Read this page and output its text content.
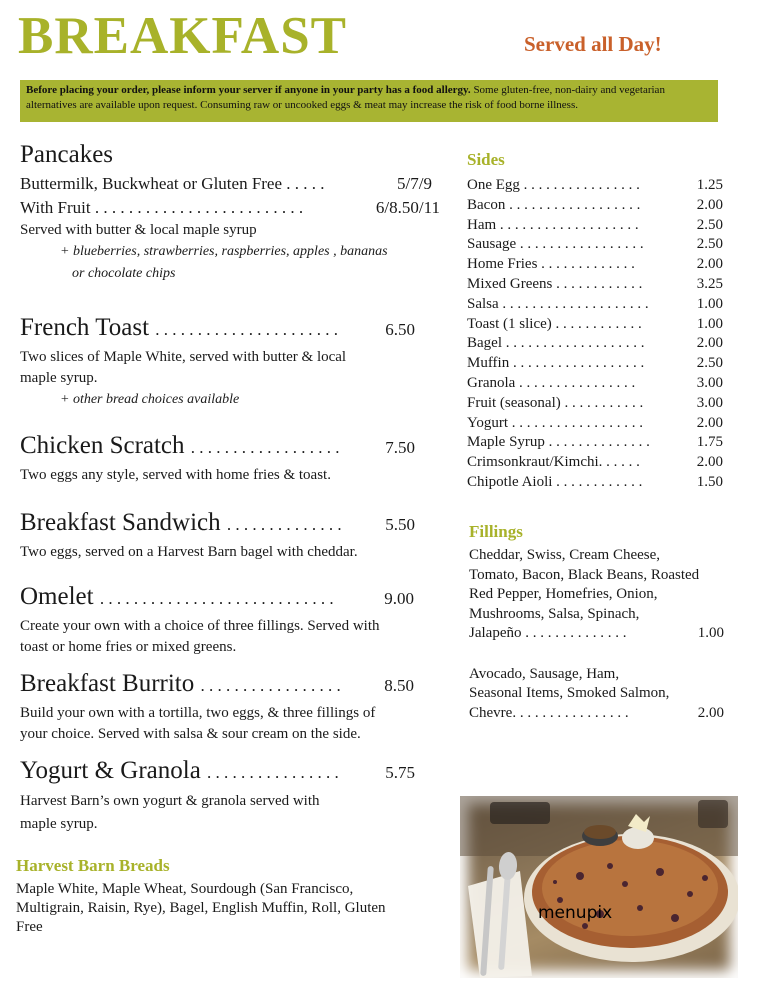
BREAKFAST	Served all Day!
Before placing your order, please inform your server if anyone in your party has a food allergy. Some gluten-free, non-dairy and vegetarian alternatives are available upon request. Consuming raw or uncooked eggs & meat may increase the risk of food borne illness.
Pancakes
Buttermilk, Buckwheat or Gluten Free . . . . .	5/7/9
With Fruit . . . . . . . . . . . . . . . . . . . . . . . . .	6/8.50/11
Served with butter & local maple syrup
+ blueberries, strawberries, raspberries, apples , bananas
or chocolate chips
French Toast . . . . . . . . . . . . . . . . . . . . . .	6.50
Two slices of Maple White, served with butter & local
maple syrup.
+ other bread choices available
Chicken Scratch . . . . . . . . . . . . . . . . . .	7.50
Two eggs any style, served with home fries & toast.
Breakfast Sandwich . . . . . . . . . . . . . .	5.50
Two eggs, served on a Harvest Barn bagel with cheddar.
Omelet . . . . . . . . . . . . . . . . . . . . . . . . . . . .	9.00
Create your own with a choice of three fillings. Served with
toast or home fries or mixed greens.
Breakfast Burrito . . . . . . . . . . . . . . . . .	8.50
Build your own with a tortilla, two eggs, & three fillings of
your choice. Served with salsa & sour cream on the side.
Yogurt & Granola . . . . . . . . . . . . . . . .	5.75
Harvest Barn’s own yogurt & granola served with
maple syrup.
Harvest Barn Breads
Maple White, Maple Wheat, Sourdough (San Francisco,
Multigrain, Raisin, Rye), Bagel, English Muffin, Roll, Gluten
Free
Sides
One Egg . . . . . . . . . . . . . . . .	1.25
Bacon . . . . . . . . . . . . . . . . . .	2.00
Ham . . . . . . . . . . . . . . . . . . .	2.50
Sausage . . . . . . . . . . . . . . . . .	2.50
Home Fries . . . . . . . . . . . . .	2.00
Mixed Greens . . . . . . . . . . . .	3.25
Salsa . . . . . . . . . . . . . . . . . . . .	1.00
Toast (1 slice) . . . . . . . . . . . .	1.00
Bagel . . . . . . . . . . . . . . . . . . .	2.00
Muffin . . . . . . . . . . . . . . . . . .	2.50
Granola . . . . . . . . . . . . . . . .	3.00
Fruit (seasonal) . . . . . . . . . . .	3.00
Yogurt . . . . . . . . . . . . . . . . . .	2.00
Maple Syrup . . . . . . . . . . . . . .	1.75
Crimsonkraut/Kimchi. . . . . .	2.00
Chipotle Aioli . . . . . . . . . . . .	1.50
Fillings
Cheddar, Swiss, Cream Cheese,
Tomato, Bacon, Black Beans, Roasted
Red Pepper, Homefries, Onion,
Mushrooms, Salsa, Spinach,
Jalapeño . . . . . . . . . . . . . .	1.00
Avocado, Sausage, Ham,
Seasonal Items, Smoked Salmon,
Chevre. . . . . . . . . . . . . . . .	2.00
menupix
